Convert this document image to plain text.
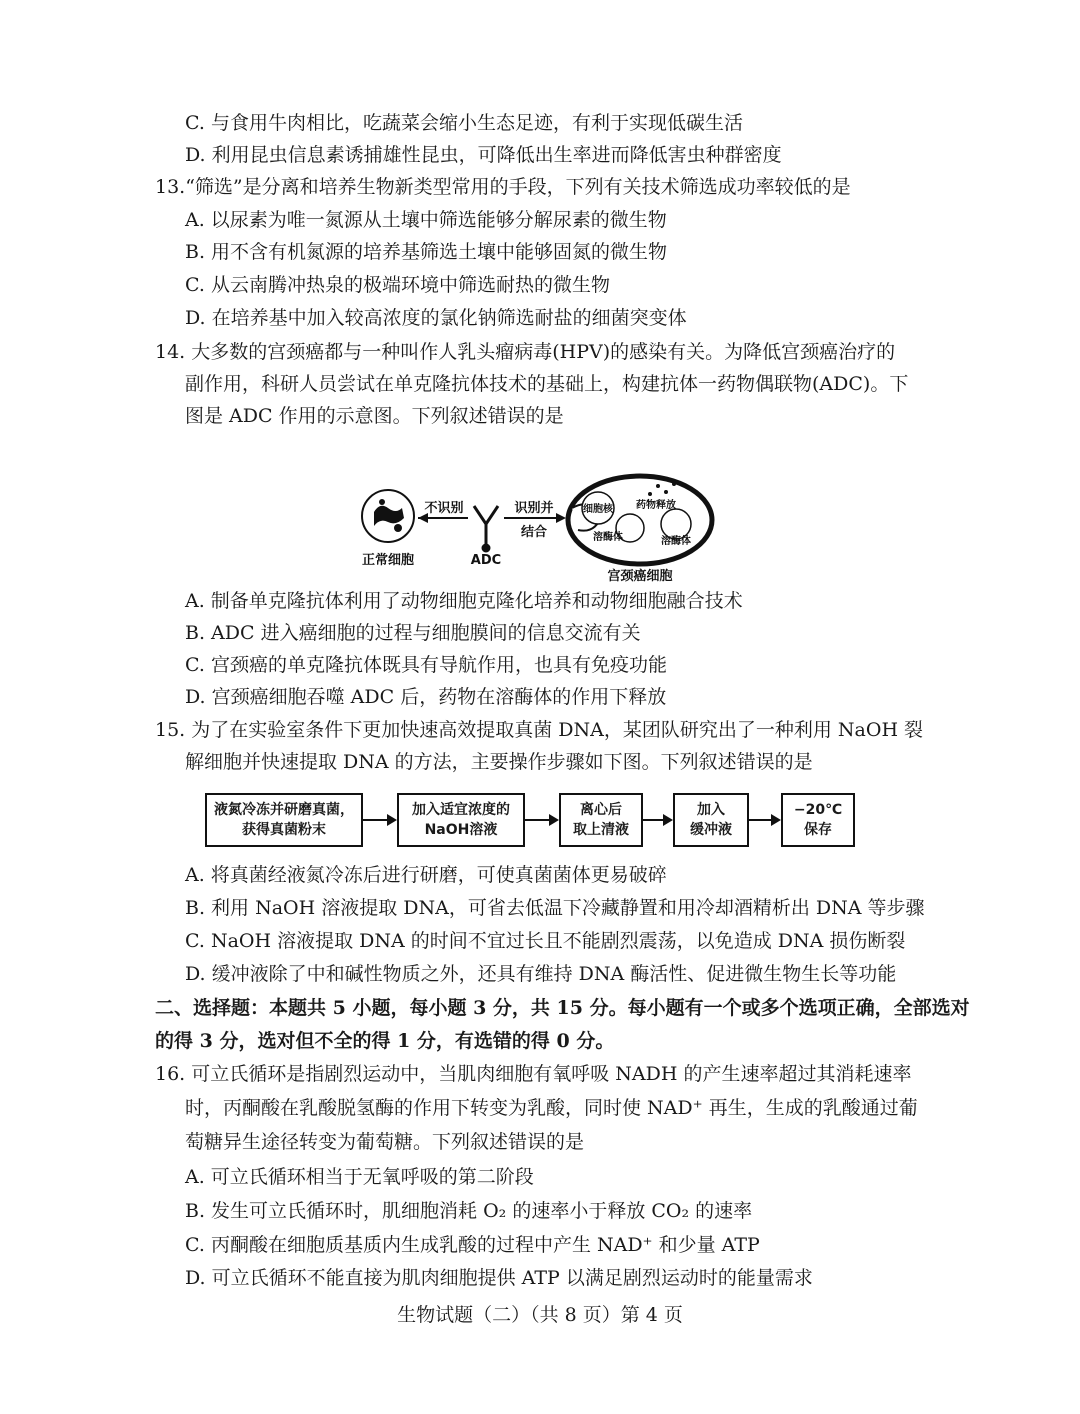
C. 与食用牛肉相比，吃蔬菜会缩小生态足迹，有利于实现低碳生活
D. 利用昆虫信息素诱捕雄性昆虫，可降低出生率进而降低害虫种群密度
13.“筛选”是分离和培养生物新类型常用的手段，下列有关技术筛选成功率较低的是
A. 以尿素为唯一氮源从土壤中筛选能够分解尿素的微生物
B. 用不含有机氮源的培养基筛选土壤中能够固氮的微生物
C. 从云南腾冲热泉的极端环境中筛选耐热的微生物
D. 在培养基中加入较高浓度的氯化钠筛选耐盐的细菌突变体
14. 大多数的宫颈癌都与一种叫作人乳头瘤病毒(HPV)的感染有关。为降低宫颈癌治疗的
副作用，科研人员尝试在单克隆抗体技术的基础上，构建抗体一药物偶联物(ADC)。下
图是 ADC 作用的示意图。下列叙述错误的是
正常细胞
不识别
ADC
识别并
结合
细胞核 药物释放
溶酶体	溶酶体
宫颈癌细胞
A. 制备单克隆抗体利用了动物细胞克隆化培养和动物细胞融合技术
B. ADC 进入癌细胞的过程与细胞膜间的信息交流有关
C. 宫颈癌的单克隆抗体既具有导航作用，也具有免疫功能
D. 宫颈癌细胞吞噬 ADC 后，药物在溶酶体的作用下释放
15. 为了在实验室条件下更加快速高效提取真菌 DNA，某团队研究出了一种利用 NaOH 裂
解细胞并快速提取 DNA 的方法，主要操作步骤如下图。下列叙述错误的是
液氮冷冻并研磨真菌，
获得真菌粉末
加入适宜浓度的
NaOH溶液
离心后
取上清液
加入
缓冲液
−20℃
保存
A. 将真菌经液氮冷冻后进行研磨，可使真菌菌体更易破碎
B. 利用 NaOH 溶液提取 DNA，可省去低温下冷藏静置和用冷却酒精析出 DNA 等步骤
C. NaOH 溶液提取 DNA 的时间不宜过长且不能剧烈震荡，以免造成 DNA 损伤断裂
D. 缓冲液除了中和碱性物质之外，还具有维持 DNA 酶活性、促进微生物生长等功能
二、选择题：本题共 5 小题，每小题 3 分，共 15 分。每小题有一个或多个选项正确，全部选对
的得 3 分，选对但不全的得 1 分，有选错的得 0 分。
16. 可立氏循环是指剧烈运动中，当肌肉细胞有氧呼吸 NADH 的产生速率超过其消耗速率
时，丙酮酸在乳酸脱氢酶的作用下转变为乳酸，同时使 NAD⁺ 再生，生成的乳酸通过葡
萄糖异生途径转变为葡萄糖。下列叙述错误的是
A. 可立氏循环相当于无氧呼吸的第二阶段
B. 发生可立氏循环时，肌细胞消耗 O₂ 的速率小于释放 CO₂ 的速率
C. 丙酮酸在细胞质基质内生成乳酸的过程中产生 NAD⁺ 和少量 ATP
D. 可立氏循环不能直接为肌肉细胞提供 ATP 以满足剧烈运动时的能量需求
生物试题（二）（共 8 页）第 4 页
